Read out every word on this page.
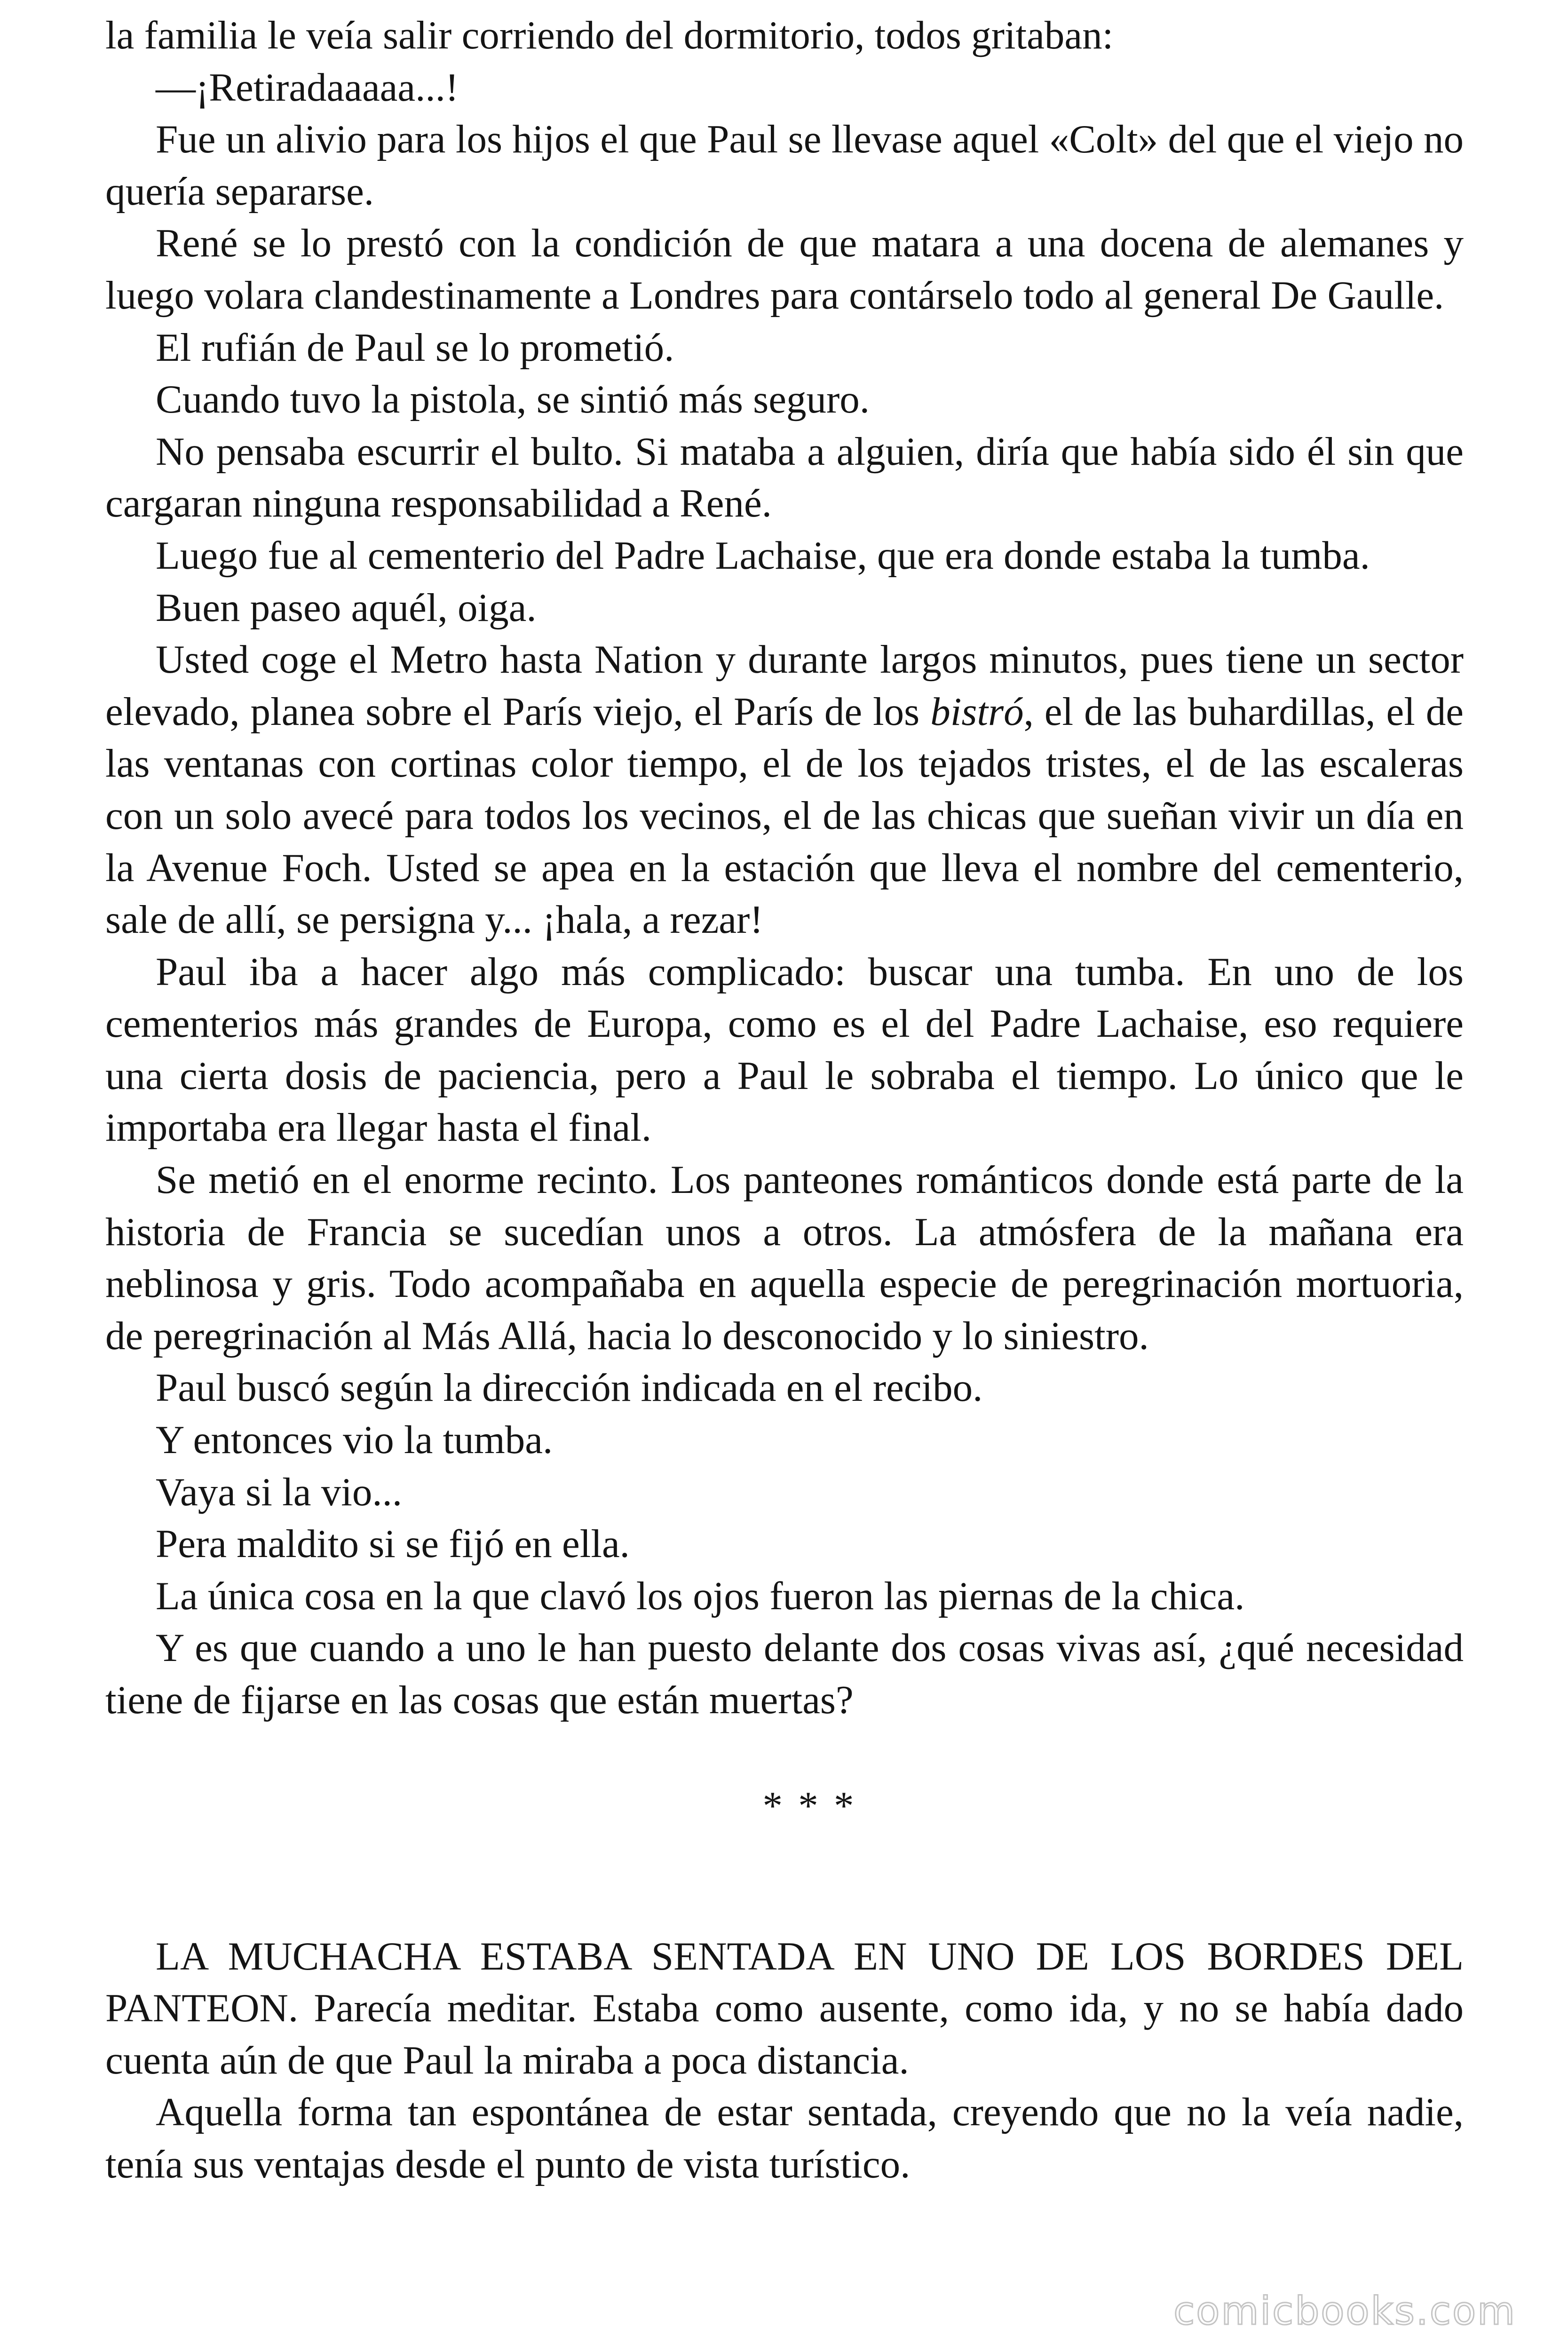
la familia le veía salir corriendo del dormitorio, todos gritaban:

—¡Retiradaaaaa...!

Fue un alivio para los hijos el que Paul se llevase aquel «Colt» del que el viejo no quería separarse.

René se lo prestó con la condición de que matara a una docena de alemanes y luego volara clandestinamente a Londres para contárselo todo al general De Gaulle.

El rufián de Paul se lo prometió.

Cuando tuvo la pistola, se sintió más seguro.

No pensaba escurrir el bulto. Si mataba a alguien, diría que había sido él sin que cargaran ninguna responsabilidad a René.

Luego fue al cementerio del Padre Lachaise, que era donde estaba la tumba.

Buen paseo aquél, oiga.

Usted coge el Metro hasta Nation y durante largos minutos, pues tiene un sector elevado, planea sobre el París viejo, el París de los bistró, el de las buhardillas, el de las ventanas con cortinas color tiempo, el de los tejados tristes, el de las escaleras con un solo avecé para todos los vecinos, el de las chicas que sueñan vivir un día en la Avenue Foch. Usted se apea en la estación que lleva el nombre del cementerio, sale de allí, se persigna y... ¡hala, a rezar!

Paul iba a hacer algo más complicado: buscar una tumba. En uno de los cementerios más grandes de Europa, como es el del Padre Lachaise, eso requiere una cierta dosis de paciencia, pero a Paul le sobraba el tiempo. Lo único que le importaba era llegar hasta el final.

Se metió en el enorme recinto. Los panteones románticos donde está parte de la historia de Francia se sucedían unos a otros. La atmósfera de la mañana era neblinosa y gris. Todo acompañaba en aquella especie de peregrinación mortuoria, de peregrinación al Más Allá, hacia lo desconocido y lo siniestro.

Paul buscó según la dirección indicada en el recibo.

Y entonces vio la tumba.

Vaya si la vio...

Pera maldito si se fijó en ella.

La única cosa en la que clavó los ojos fueron las piernas de la chica.

Y es que cuando a uno le han puesto delante dos cosas vivas así, ¿qué necesidad tiene de fijarse en las cosas que están muertas?

* * *

LA MUCHACHA ESTABA SENTADA EN UNO DE LOS BORDES DEL PANTEON. Parecía meditar. Estaba como ausente, como ida, y no se había dado cuenta aún de que Paul la miraba a poca distancia.

Aquella forma tan espontánea de estar sentada, creyendo que no la veía nadie, tenía sus ventajas desde el punto de vista turístico.

comicbooks.com
